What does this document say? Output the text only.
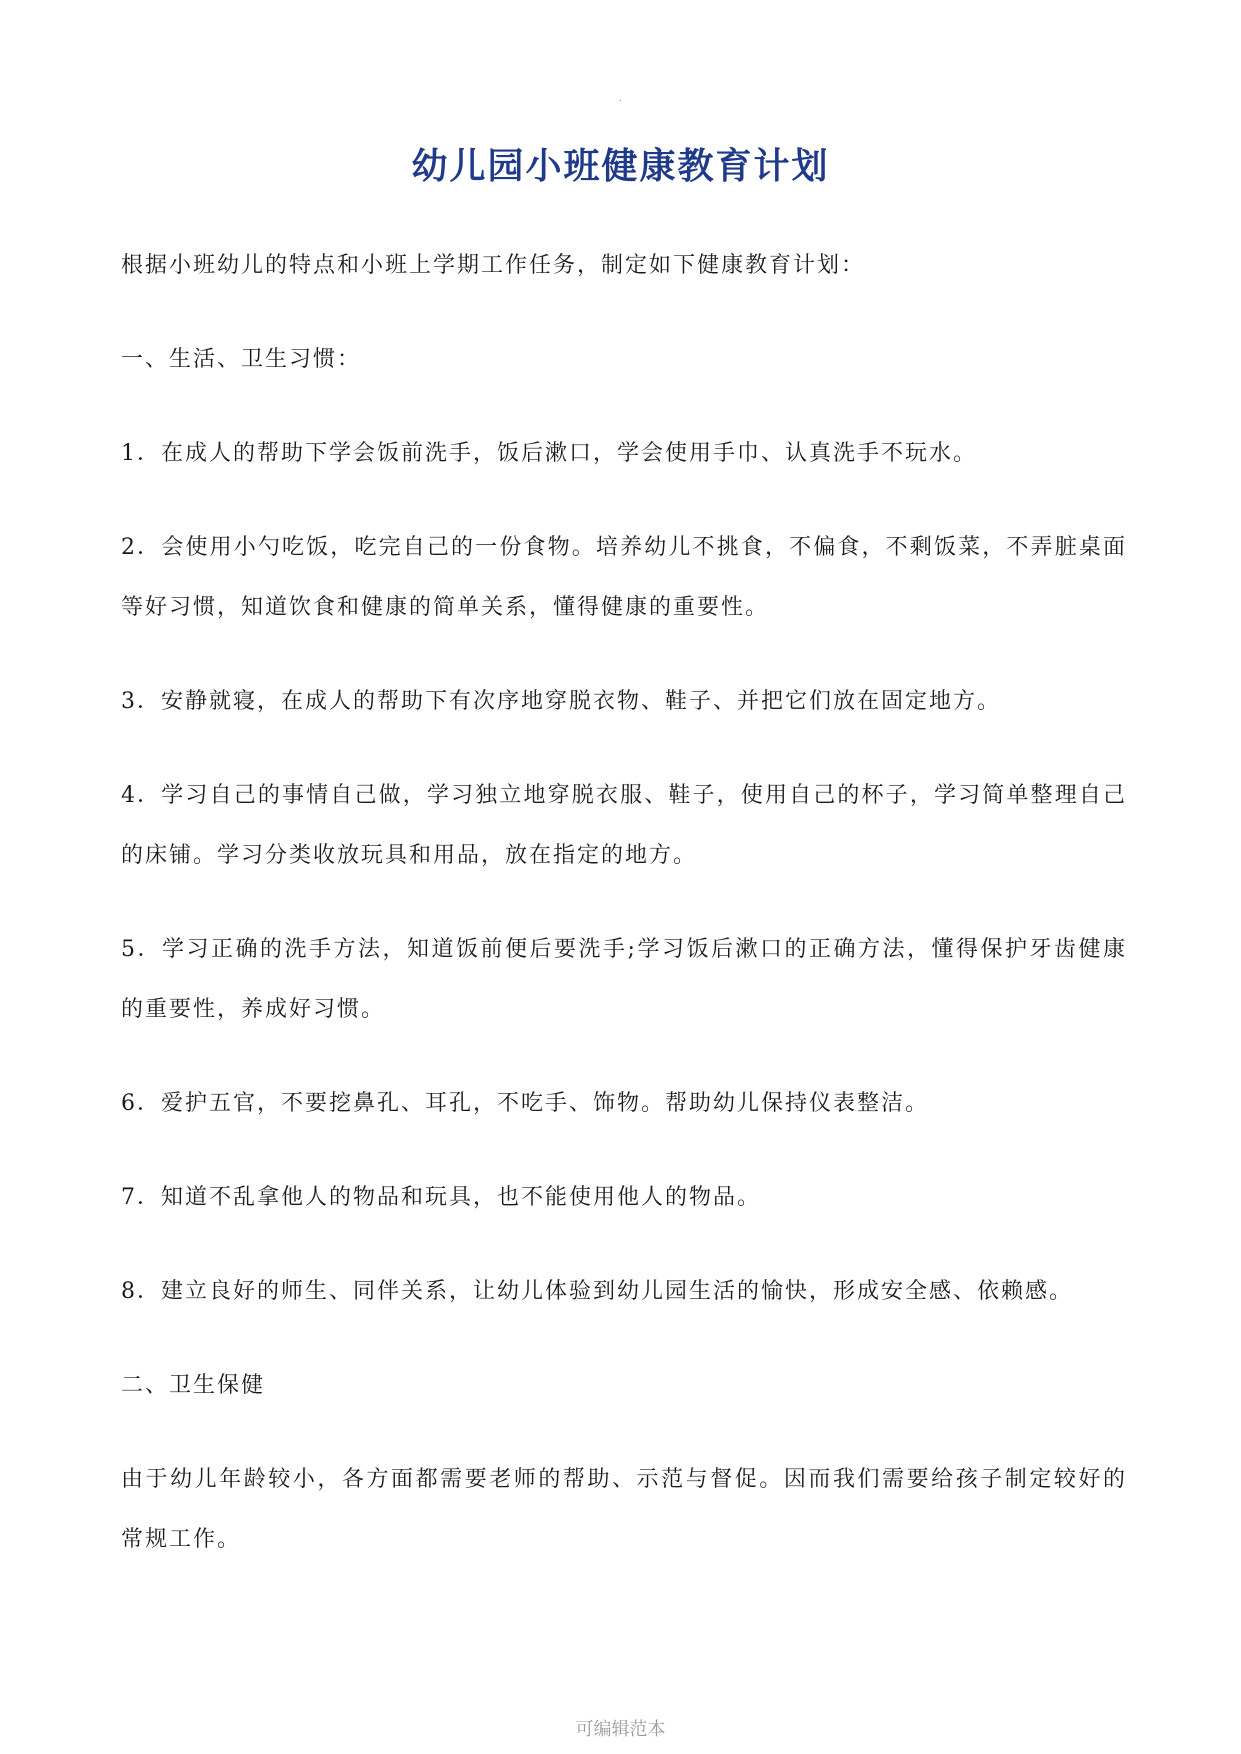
.
幼儿园小班健康教育计划

根据小班幼儿的特点和小班上学期工作任务，制定如下健康教育计划：

一、生活、卫生习惯：

1．在成人的帮助下学会饭前洗手，饭后漱口，学会使用手巾、认真洗手不玩水。

2．会使用小勺吃饭，吃完自己的一份食物。培养幼儿不挑食，不偏食，不剩饭菜，不弄脏桌面等好习惯，知道饮食和健康的简单关系，懂得健康的重要性。

3．安静就寝，在成人的帮助下有次序地穿脱衣物、鞋子、并把它们放在固定地方。

4．学习自己的事情自己做，学习独立地穿脱衣服、鞋子，使用自己的杯子，学习简单整理自己的床铺。学习分类收放玩具和用品，放在指定的地方。

5．学习正确的洗手方法，知道饭前便后要洗手;学习饭后漱口的正确方法，懂得保护牙齿健康的重要性，养成好习惯。

6．爱护五官，不要挖鼻孔、耳孔，不吃手、饰物。帮助幼儿保持仪表整洁。

7．知道不乱拿他人的物品和玩具，也不能使用他人的物品。

8．建立良好的师生、同伴关系，让幼儿体验到幼儿园生活的愉快，形成安全感、依赖感。

二、卫生保健

由于幼儿年龄较小，各方面都需要老师的帮助、示范与督促。因而我们需要给孩子制定较好的常规工作。

可编辑范本
